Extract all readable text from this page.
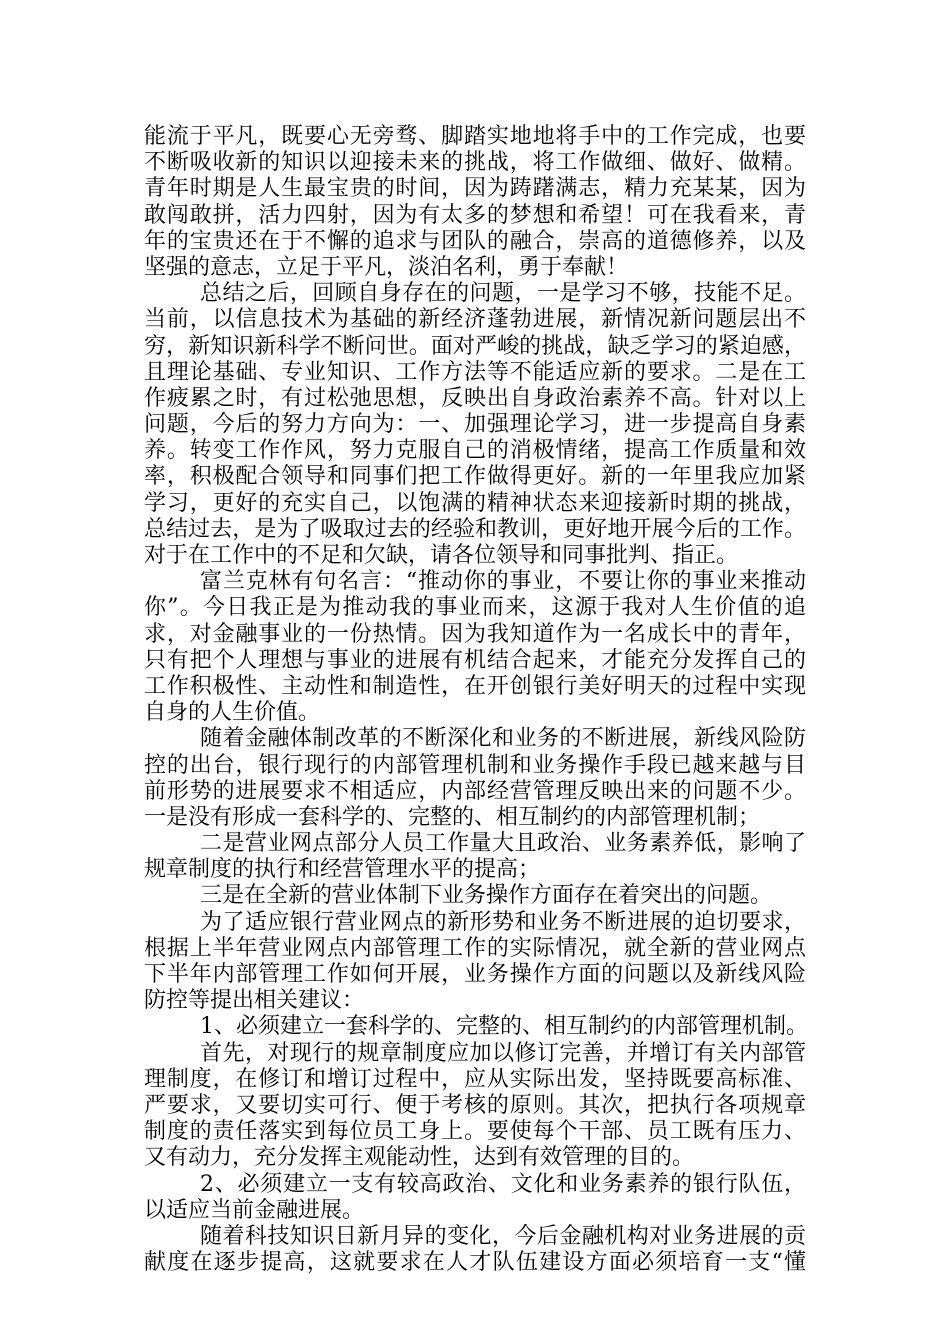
能流于平凡，既要心无旁骛、脚踏实地地将手中的工作完成，也要
不断吸收新的知识以迎接未来的挑战，将工作做细、做好、做精。
青年时期是人生最宝贵的时间，因为踌躇满志，精力充某某，因为
敢闯敢拼，活力四射，因为有太多的梦想和希望！可在我看来，青
年的宝贵还在于不懈的追求与团队的融合，崇高的道德修养，以及
坚强的意志，立足于平凡，淡泊名利，勇于奉献！
总结之后，回顾自身存在的问题，一是学习不够，技能不足。
当前，以信息技术为基础的新经济蓬勃进展，新情况新问题层出不
穷，新知识新科学不断问世。面对严峻的挑战，缺乏学习的紧迫感，
且理论基础、专业知识、工作方法等不能适应新的要求。二是在工
作疲累之时，有过松弛思想，反映出自身政治素养不高。针对以上
问题，今后的努力方向为：一、加强理论学习，进一步提高自身素
养。转变工作作风，努力克服自己的消极情绪，提高工作质量和效
率，积极配合领导和同事们把工作做得更好。新的一年里我应加紧
学习，更好的充实自己，以饱满的精神状态来迎接新时期的挑战，
总结过去，是为了吸取过去的经验和教训，更好地开展今后的工作。
对于在工作中的不足和欠缺，请各位领导和同事批判、指正。
富兰克林有句名言：“推动你的事业，不要让你的事业来推动
你”。今日我正是为推动我的事业而来，这源于我对人生价值的追
求，对金融事业的一份热情。因为我知道作为一名成长中的青年，
只有把个人理想与事业的进展有机结合起来，才能充分发挥自己的
工作积极性、主动性和制造性，在开创银行美好明天的过程中实现
自身的人生价值。
随着金融体制改革的不断深化和业务的不断进展，新线风险防
控的出台，银行现行的内部管理机制和业务操作手段已越来越与目
前形势的进展要求不相适应，内部经营管理反映出来的问题不少。
一是没有形成一套科学的、完整的、相互制约的内部管理机制；
二是营业网点部分人员工作量大且政治、业务素养低，影响了
规章制度的执行和经营管理水平的提高；
三是在全新的营业体制下业务操作方面存在着突出的问题。
为了适应银行营业网点的新形势和业务不断进展的迫切要求，
根据上半年营业网点内部管理工作的实际情况，就全新的营业网点
下半年内部管理工作如何开展，业务操作方面的问题以及新线风险
防控等提出相关建议：
1、必须建立一套科学的、完整的、相互制约的内部管理机制。
首先，对现行的规章制度应加以修订完善，并增订有关内部管
理制度，在修订和增订过程中，应从实际出发，坚持既要高标准、
严要求，又要切实可行、便于考核的原则。其次，把执行各项规章
制度的责任落实到每位员工身上。要使每个干部、员工既有压力、
又有动力，充分发挥主观能动性，达到有效管理的目的。
2、必须建立一支有较高政治、文化和业务素养的银行队伍，
以适应当前金融进展。
随着科技知识日新月异的变化，今后金融机构对业务进展的贡
献度在逐步提高，这就要求在人才队伍建设方面必须培育一支“懂
